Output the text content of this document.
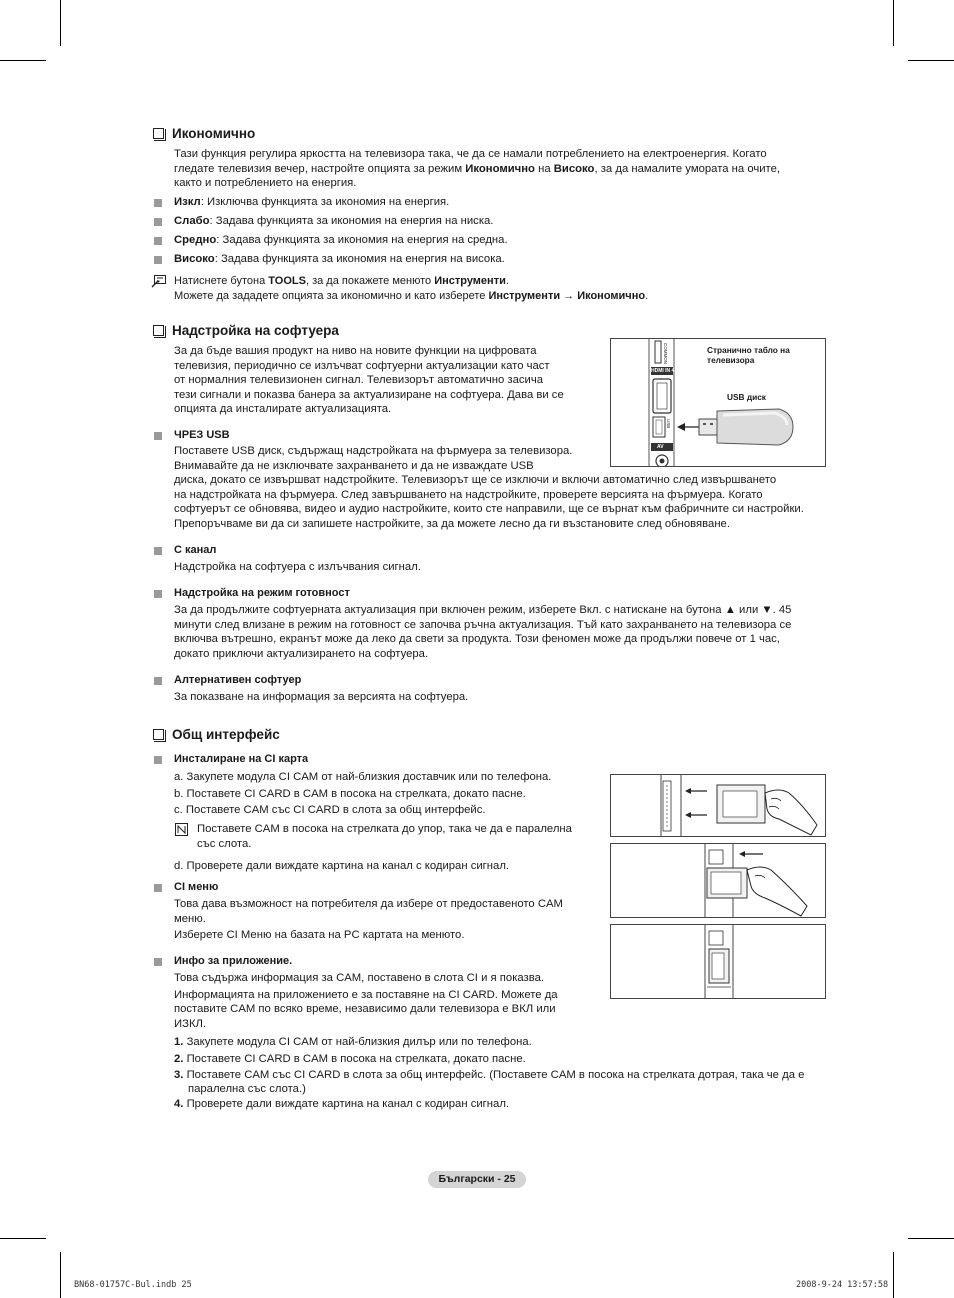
Икономично
Тази функция регулира яркостта на телевизора така, че да се намали потреблението на електроенергия. Когато
гледате телевизия вечер, настройте опцията за режим Икономично на Високо, за да намалите умората на очите,
както и потреблението на енергия.
Изкл: Изключва функцията за икономия на енергия.
Слабо: Задава функцията за икономия на енергия на ниска.
Средно: Задава функцията за икономия на енергия на средна.
Високо: Задава функцията за икономия на енергия на висока.
Натиснете бутона TOOLS, за да покажете менюто Инструменти.
Можете да зададете опцията за икономично и като изберете Инструменти → Икономично.
Надстройка на софтуера
За да бъде вашия продукт на ниво на новите функции на цифровата
телевизия, периодично се излъчват софтуерни актуализации като част
от нормалния телевизионен сигнал. Телевизорът автоматично засича
тези сигнали и показва банера за актуализиране на софтуера. Дава ви се
опцията да инсталирате актуализацията.
Странично табло на
телевизора
USB диск
COMMON
HDMI IN 4
USB
AV
ЧРЕЗ USB
Поставете USB диск, съдържащ надстройката на фърмуера за телевизора.
Внимавайте да не изключвате захранването и да не изваждате USB
диска, докато се извършват надстройките. Телевизорът ще се изключи и включи автоматично след извършването
на надстройката на фърмуера. След завършването на надстройките, проверете версията на фърмуера. Когато
софтуерът се обновява, видео и аудио настройките, които сте направили, ще се върнат към фабричните си настройки.
Препоръчваме ви да си запишете настройките, за да можете лесно да ги възстановите след обновяване.
С канал
Надстройка на софтуера с излъчвания сигнал.
Надстройка на режим готовност
За да продължите софтуерната актуализация при включен режим, изберете Вкл. с натискане на бутона ▲ или ▼. 45
минути след влизане в режим на готовност се започва ръчна актуализация. Тъй като захранването на телевизора се
включва вътрешно, екранът може да леко да свети за продукта. Този феномен може да продължи повече от 1 час,
докато приключи актуализирането на софтуера.
Алтернативен софтуер
За показване на информация за версията на софтуера.
Общ интерфейс
Инсталиране на CI карта
a. Закупете модула CI CAM от най-близкия доставчик или по телефона.
b. Поставете CI CARD в CAM в посока на стрелката, докато пасне.
c. Поставете CAM със CI CARD в слота за общ интерфейс.
Поставете CAM в посока на стрелката до упор, така че да е паралелна
със слота.
d. Проверете дали виждате картина на канал с кодиран сигнал.
CI меню
Това дава възможност на потребителя да избере от предоставеното CAM
меню.
Изберете CI Меню на базата на PC картата на менюто.
Инфо за приложение.
Това съдържа информация за CAM, поставено в слота CI и я показва.
Информацията на приложението е за поставяне на CI CARD. Можете да
поставите CAM по всяко време, независимо дали телевизора е ВКЛ или
ИЗКЛ.
1. Закупете модула CI CAM от най-близкия дилър или по телефона.
2. Поставете CI CARD в CAM в посока на стрелката, докато пасне.
3. Поставете CAM със CI CARD в слота за общ интерфейс. (Поставете CAM в посока на стрелката дотрая, така че да е
паралелна със слота.)
4. Проверете дали виждате картина на канал с кодиран сигнал.
Български - 25
BN68-01757C-Bul.indb 25	2008-9-24 13:57:58
